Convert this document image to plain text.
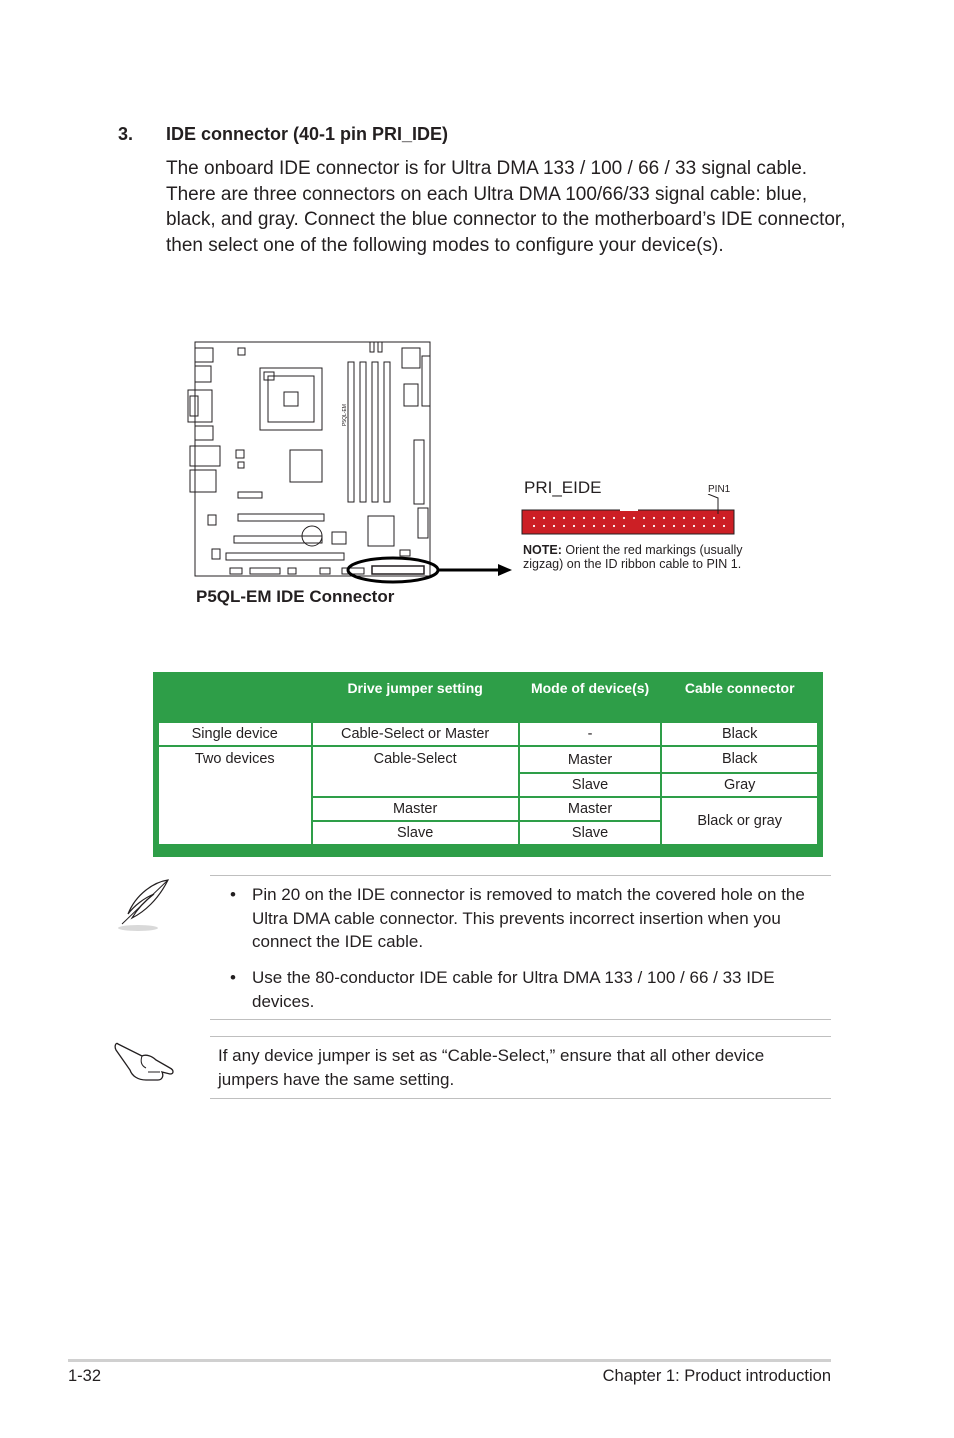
3. IDE connector (40-1 pin PRI_IDE)

The onboard IDE connector is for Ultra DMA 133 / 100 / 66 / 33 signal cable. There are three connectors on each Ultra DMA 100/66/33 signal cable: blue, black, and gray. Connect the blue connector to the motherboard’s IDE connector, then select one of the following modes to configure your device(s).

P5QL-EM
P5QL-EM IDE Connector
PRI_EIDE	PIN1
NOTE: Orient the red markings (usually zigzag) on the ID ribbon cable to PIN 1.
	Drive jumper setting	Mode of device(s)	Cable connector
Single device	Cable-Select or Master	-	Black
Two devices	Cable-Select	Master	Black
		Slave	Gray
	Master	Master	Black or gray
	Slave	Slave	
• Pin 20 on the IDE connector is removed to match the covered hole on the Ultra DMA cable connector. This prevents incorrect insertion when you connect the IDE cable.
• Use the 80-conductor IDE cable for Ultra DMA 133 / 100 / 66 / 33 IDE devices.
If any device jumper is set as “Cable-Select,” ensure that all other device jumpers have the same setting.
1-32	Chapter 1: Product introduction
